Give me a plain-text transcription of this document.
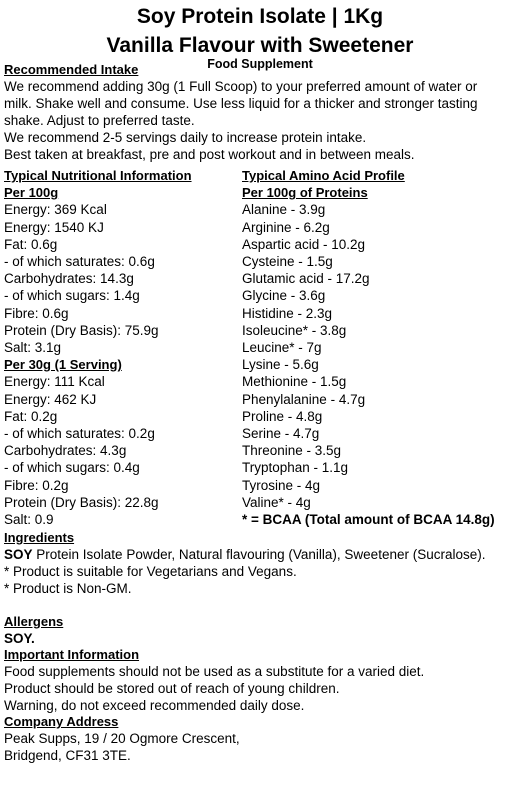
Soy Protein Isolate | 1Kg
Vanilla Flavour with Sweetener
Food Supplement
Recommended Intake
We recommend adding 30g (1 Full Scoop) to your preferred amount of water or
milk. Shake well and consume. Use less liquid for a thicker and stronger tasting
shake. Adjust to preferred taste.
We recommend 2-5 servings daily to increase protein intake.
Best taken at breakfast, pre and post workout and in between meals.
Typical Nutritional Information
Per 100g
Energy: 369 Kcal
Energy: 1540 KJ
Fat: 0.6g
- of which saturates: 0.6g
Carbohydrates: 14.3g
- of which sugars: 1.4g
Fibre: 0.6g
Protein (Dry Basis): 75.9g
Salt: 3.1g
Per 30g (1 Serving)
Energy: 111 Kcal
Energy: 462 KJ
Fat: 0.2g
- of which saturates: 0.2g
Carbohydrates: 4.3g
- of which sugars: 0.4g
Fibre: 0.2g
Protein (Dry Basis): 22.8g
Salt: 0.9
Typical Amino Acid Profile
Per 100g of Proteins
Alanine - 3.9g
Arginine - 6.2g
Aspartic acid - 10.2g
Cysteine - 1.5g
Glutamic acid - 17.2g
Glycine - 3.6g
Histidine - 2.3g
Isoleucine* - 3.8g
Leucine* - 7g
Lysine - 5.6g
Methionine - 1.5g
Phenylalanine - 4.7g
Proline - 4.8g
Serine - 4.7g
Threonine - 3.5g
Tryptophan - 1.1g
Tyrosine - 4g
Valine* - 4g
* = BCAA (Total amount of BCAA 14.8g)
Ingredients
SOY Protein Isolate Powder, Natural flavouring (Vanilla), Sweetener (Sucralose).
* Product is suitable for Vegetarians and Vegans.
* Product is Non-GM.
Allergens
SOY.
Important Information
Food supplements should not be used as a substitute for a varied diet.
Product should be stored out of reach of young children.
Warning, do not exceed recommended daily dose.
Company Address
Peak Supps, 19 / 20 Ogmore Crescent,
Bridgend, CF31 3TE.
